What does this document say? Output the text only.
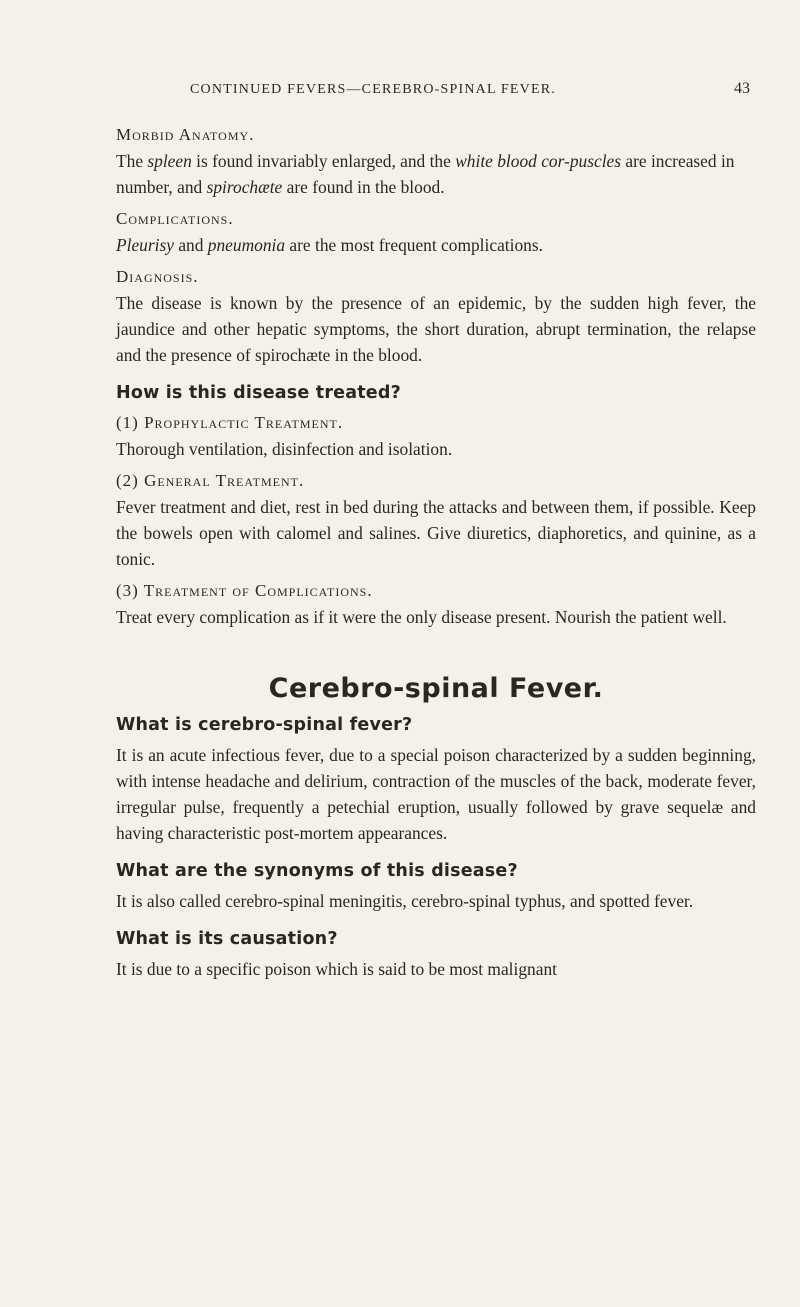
CONTINUED FEVERS—CEREBRO-SPINAL FEVER.	43

Morbid Anatomy.

The spleen is found invariably enlarged, and the white blood cor-puscles are increased in number, and spirochæte are found in the blood.

Complications.

Pleurisy and pneumonia are the most frequent complications.

Diagnosis.

The disease is known by the presence of an epidemic, by the sudden high fever, the jaundice and other hepatic symptoms, the short duration, abrupt termination, the relapse and the presence of spirochæte in the blood.

How is this disease treated?

(1) Prophylactic Treatment.

Thorough ventilation, disinfection and isolation.

(2) General Treatment.

Fever treatment and diet, rest in bed during the attacks and between them, if possible. Keep the bowels open with calomel and salines. Give diuretics, diaphoretics, and quinine, as a tonic.

(3) Treatment of Complications.

Treat every complication as if it were the only disease present. Nourish the patient well.

Cerebro-spinal Fever.

What is cerebro-spinal fever?

It is an acute infectious fever, due to a special poison characterized by a sudden beginning, with intense headache and delirium, contraction of the muscles of the back, moderate fever, irregular pulse, frequently a petechial eruption, usually followed by grave sequelæ and having characteristic post-mortem appearances.

What are the synonyms of this disease?

It is also called cerebro-spinal meningitis, cerebro-spinal typhus, and spotted fever.

What is its causation?

It is due to a specific poison which is said to be most malignant
